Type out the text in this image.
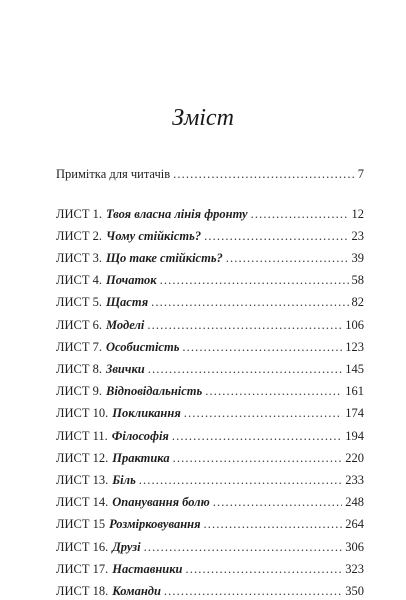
Зміст
Примітка для читачів . . .	7
ЛИСТ 1. Твоя власна лінія фронту . . .	12
ЛИСТ 2. Чому стійкість? . . .	23
ЛИСТ 3. Що таке стійкість? . . .	39
ЛИСТ 4. Початок . . .	58
ЛИСТ 5. Щастя . . .	82
ЛИСТ 6. Моделі . . .	106
ЛИСТ 7. Особистість . . .	123
ЛИСТ 8. Звички . . .	145
ЛИСТ 9. Відповідальність . . .	161
ЛИСТ 10. Покликання . . .	174
ЛИСТ 11. Філософія . . .	194
ЛИСТ 12. Практика . . .	220
ЛИСТ 13. Біль . . .	233
ЛИСТ 14. Опанування болю . . .	248
ЛИСТ 15 Розмірковування . . .	264
ЛИСТ 16. Друзі . . .	306
ЛИСТ 17. Наставники . . .	323
ЛИСТ 18. Команди . . .	350
